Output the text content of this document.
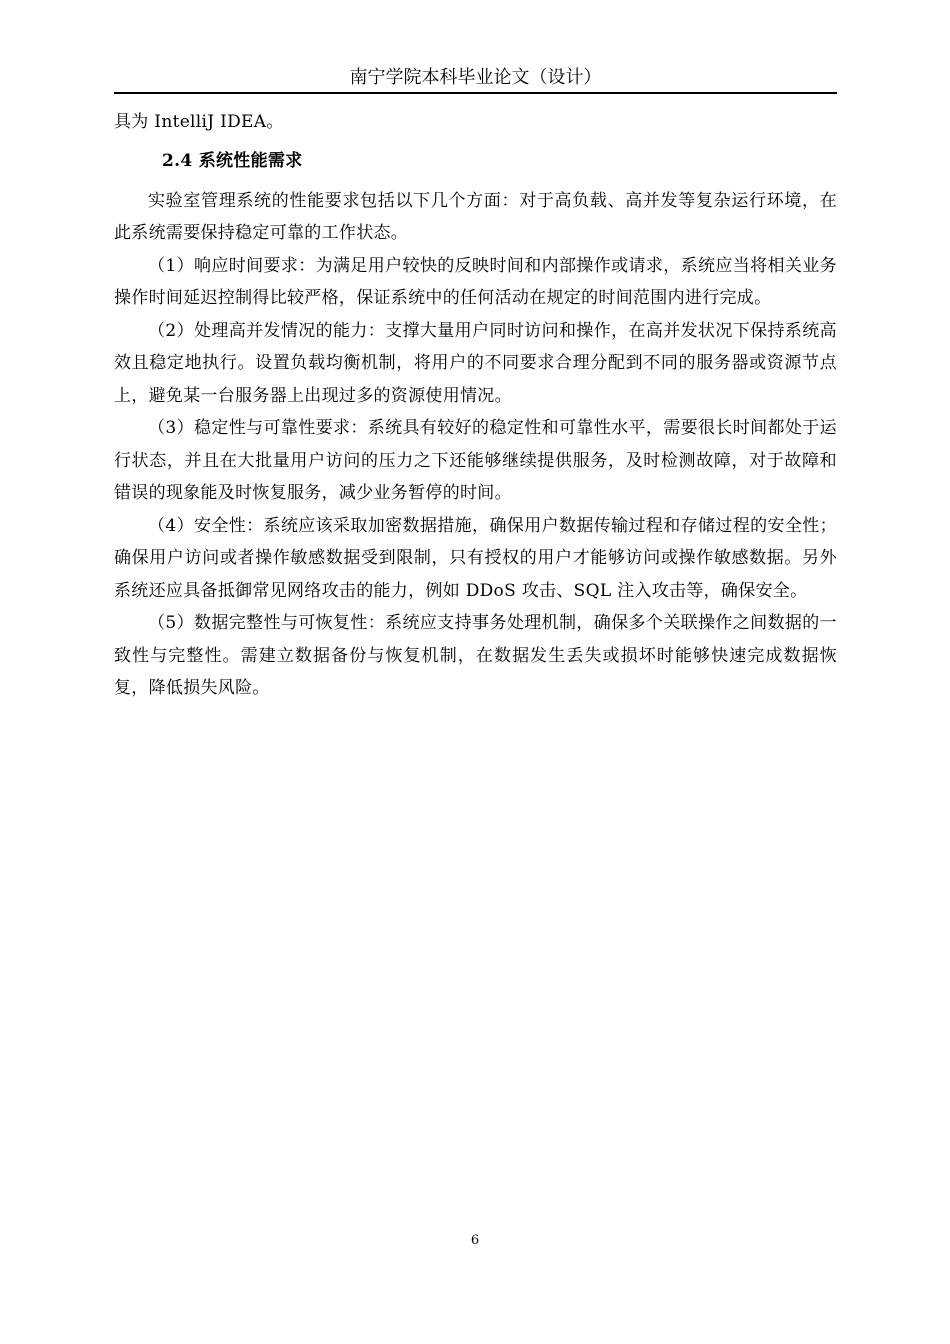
南宁学院本科毕业论文（设计）

具为 IntelliJ IDEA。

2.4 系统性能需求

实验室管理系统的性能要求包括以下几个方面：对于高负载、高并发等复杂运行环境，在此系统需要保持稳定可靠的工作状态。

（1）响应时间要求：为满足用户较快的反映时间和内部操作或请求，系统应当将相关业务操作时间延迟控制得比较严格，保证系统中的任何活动在规定的时间范围内进行完成。

（2）处理高并发情况的能力：支撑大量用户同时访问和操作，在高并发状况下保持系统高效且稳定地执行。设置负载均衡机制，将用户的不同要求合理分配到不同的服务器或资源节点上，避免某一台服务器上出现过多的资源使用情况。

（3）稳定性与可靠性要求：系统具有较好的稳定性和可靠性水平，需要很长时间都处于运行状态，并且在大批量用户访问的压力之下还能够继续提供服务，及时检测故障，对于故障和错误的现象能及时恢复服务，减少业务暂停的时间。

（4）安全性：系统应该采取加密数据措施，确保用户数据传输过程和存储过程的安全性；确保用户访问或者操作敏感数据受到限制，只有授权的用户才能够访问或操作敏感数据。另外系统还应具备抵御常见网络攻击的能力，例如 DDoS 攻击、SQL 注入攻击等，确保安全。

（5）数据完整性与可恢复性：系统应支持事务处理机制，确保多个关联操作之间数据的一致性与完整性。需建立数据备份与恢复机制，在数据发生丢失或损坏时能够快速完成数据恢复，降低损失风险。

6
